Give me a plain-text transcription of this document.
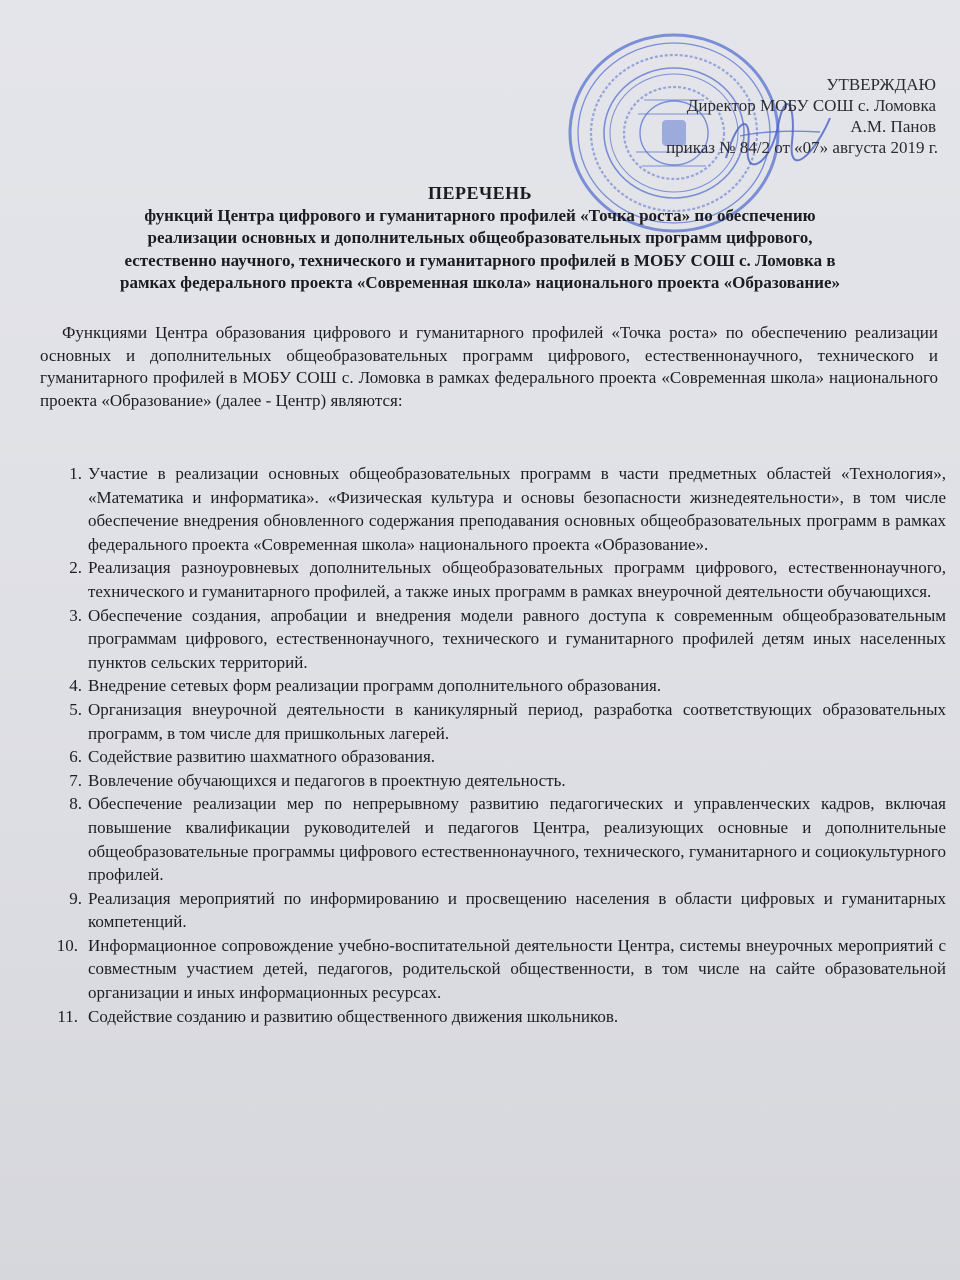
УТВЕРЖДАЮ
Директор МОБУ СОШ с. Ломовка
А.М. Панов
приказ № 84/2 от «07» августа 2019 г.
ПЕРЕЧЕНЬ
функций Центра цифрового и гуманитарного профилей «Точка роста» по обеспечению
реализации основных и дополнительных общеобразовательных программ цифрового,
естественно научного, технического и гуманитарного профилей в МОБУ СОШ с. Ломовка в
рамках федерального проекта «Современная школа» национального проекта «Образование»
Функциями Центра образования цифрового и гуманитарного профилей «Точка роста» по обеспечению реализации основных и дополнительных общеобразовательных программ цифрового, естественнонаучного, технического и гуманитарного профилей в МОБУ СОШ с. Ломовка в рамках федерального проекта «Современная школа» национального проекта «Образование» (далее - Центр) являются:
1. Участие в реализации основных общеобразовательных программ в части предметных областей «Технология», «Математика и информатика». «Физическая культура и основы безопасности жизнедеятельности», в том числе обеспечение внедрения обновленного содержания преподавания основных общеобразовательных программ в рамках федерального проекта «Современная школа» национального проекта «Образование».
2. Реализация разноуровневых дополнительных общеобразовательных программ цифрового, естественнонаучного, технического и гуманитарного профилей, а также иных программ в рамках внеурочной деятельности обучающихся.
3. Обеспечение создания, апробации и внедрения модели равного доступа к современным общеобразовательным программам цифрового, естественнонаучного, технического и гуманитарного профилей детям иных населенных пунктов сельских территорий.
4. Внедрение сетевых форм реализации программ дополнительного образования.
5. Организация внеурочной деятельности в каникулярный период, разработка соответствующих образовательных программ, в том числе для пришкольных лагерей.
6. Содействие развитию шахматного образования.
7. Вовлечение обучающихся и педагогов в проектную деятельность.
8. Обеспечение реализации мер по непрерывному развитию педагогических и управленческих кадров, включая повышение квалификации руководителей и педагогов Центра, реализующих основные и дополнительные общеобразовательные программы цифрового естественнонаучного, технического, гуманитарного и социокультурного профилей.
9. Реализация мероприятий по информированию и просвещению населения в области цифровых и гуманитарных компетенций.
10. Информационное сопровождение учебно-воспитательной деятельности Центра, системы внеурочных мероприятий с совместным участием детей, педагогов, родительской общественности, в том числе на сайте образовательной организации и иных информационных ресурсах.
11. Содействие созданию и развитию общественного движения школьников.
